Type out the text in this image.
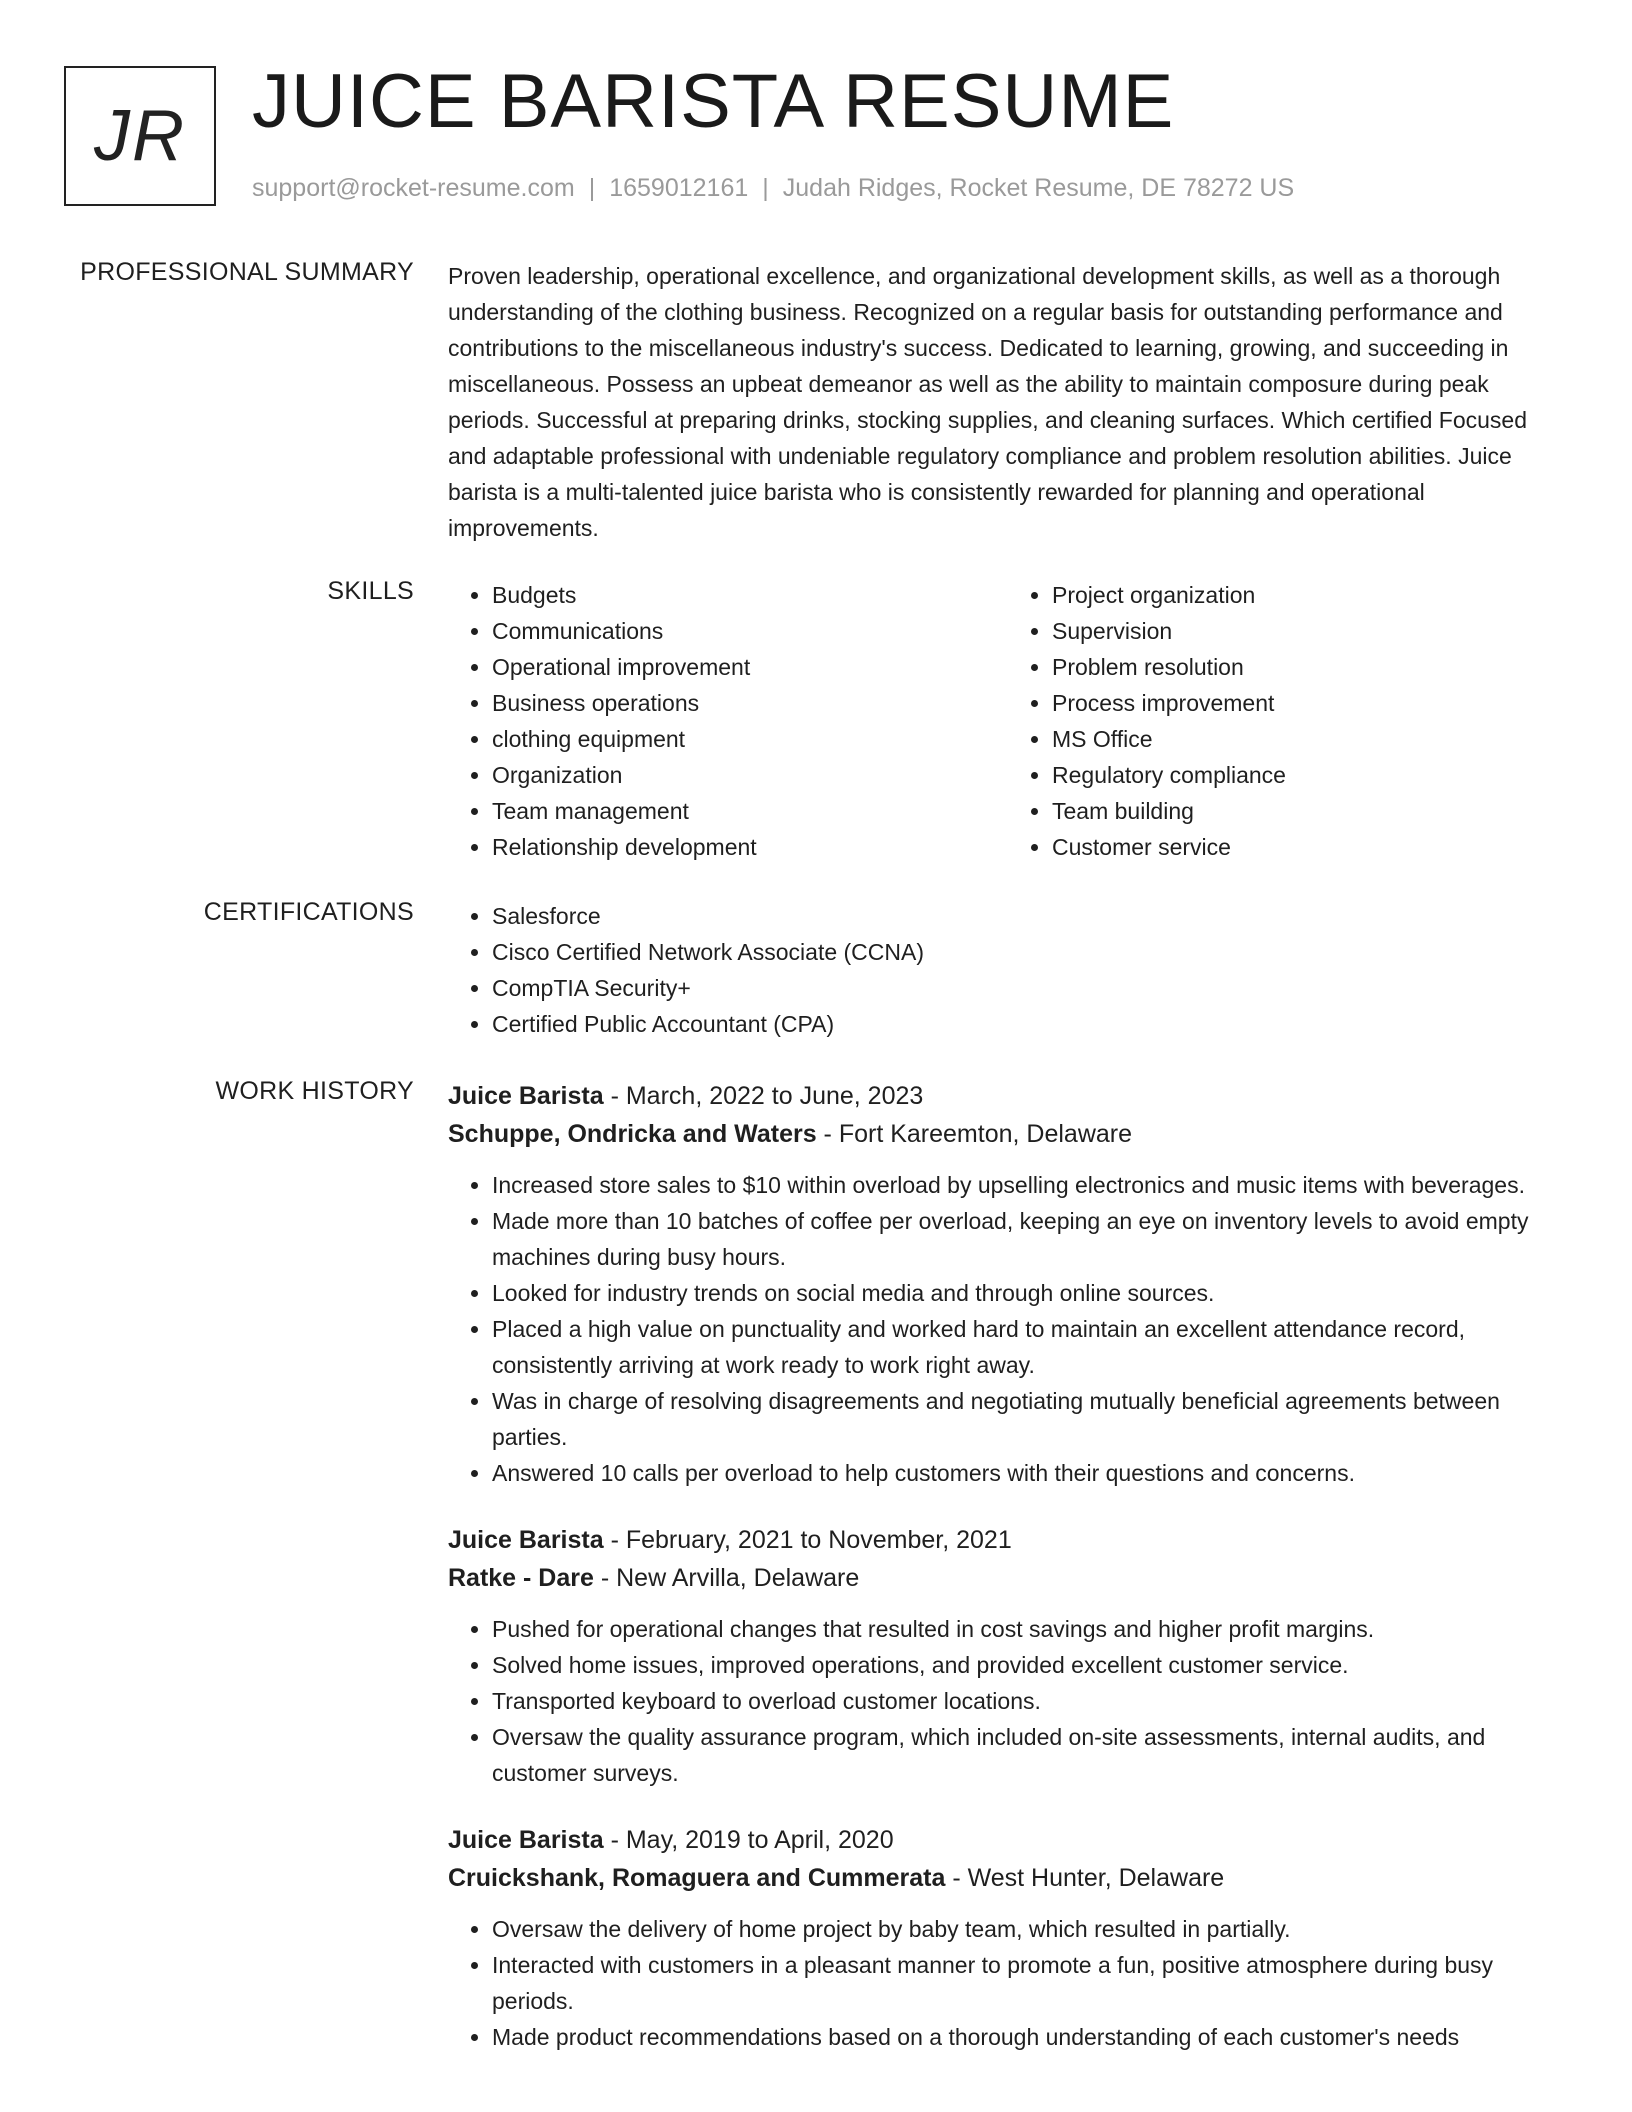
JR JUICE BARISTA RESUME
support@rocket-resume.com | 1659012161 | Judah Ridges, Rocket Resume, DE 78272 US
PROFESSIONAL SUMMARY Proven leadership, operational excellence, and organizational development skills, as well as a thorough understanding of the clothing business. Recognized on a regular basis for outstanding performance and contributions to the miscellaneous industry's success. Dedicated to learning, growing, and succeeding in miscellaneous. Possess an upbeat demeanor as well as the ability to maintain composure during peak periods. Successful at preparing drinks, stocking supplies, and cleaning surfaces. Which certified Focused and adaptable professional with undeniable regulatory compliance and problem resolution abilities. Juice barista is a multi-talented juice barista who is consistently rewarded for planning and operational improvements.

SKILLS	• Budgets
• Communications
• Operational improvement
• Business operations
• clothing equipment
• Organization
• Team management
• Relationship development
• Project organization
• Supervision
• Problem resolution
• Process improvement
• MS Office
• Regulatory compliance
• Team building
• Customer service
CERTIFICATIONS	• Salesforce
• Cisco Certified Network Associate (CCNA)
• CompTIA Security+
• Certified Public Accountant (CPA)
WORK HISTORY Juice Barista - March, 2022 to June, 2023
Schuppe, Ondricka and Waters - Fort Kareemton, Delaware
• Increased store sales to $10 within overload by upselling electronics and music items with beverages.
• Made more than 10 batches of coffee per overload, keeping an eye on inventory levels to avoid empty machines during busy hours.
• Looked for industry trends on social media and through online sources.
• Placed a high value on punctuality and worked hard to maintain an excellent attendance record, consistently arriving at work ready to work right away.
• Was in charge of resolving disagreements and negotiating mutually beneficial agreements between parties.
• Answered 10 calls per overload to help customers with their questions and concerns.
Juice Barista - February, 2021 to November, 2021
Ratke - Dare - New Arvilla, Delaware
• Pushed for operational changes that resulted in cost savings and higher profit margins.
• Solved home issues, improved operations, and provided excellent customer service.
• Transported keyboard to overload customer locations.
• Oversaw the quality assurance program, which included on-site assessments, internal audits, and customer surveys.
Juice Barista - May, 2019 to April, 2020
Cruickshank, Romaguera and Cummerata - West Hunter, Delaware
• Oversaw the delivery of home project by baby team, which resulted in partially.
• Interacted with customers in a pleasant manner to promote a fun, positive atmosphere during busy periods.
• Made product recommendations based on a thorough understanding of each customer's needs
